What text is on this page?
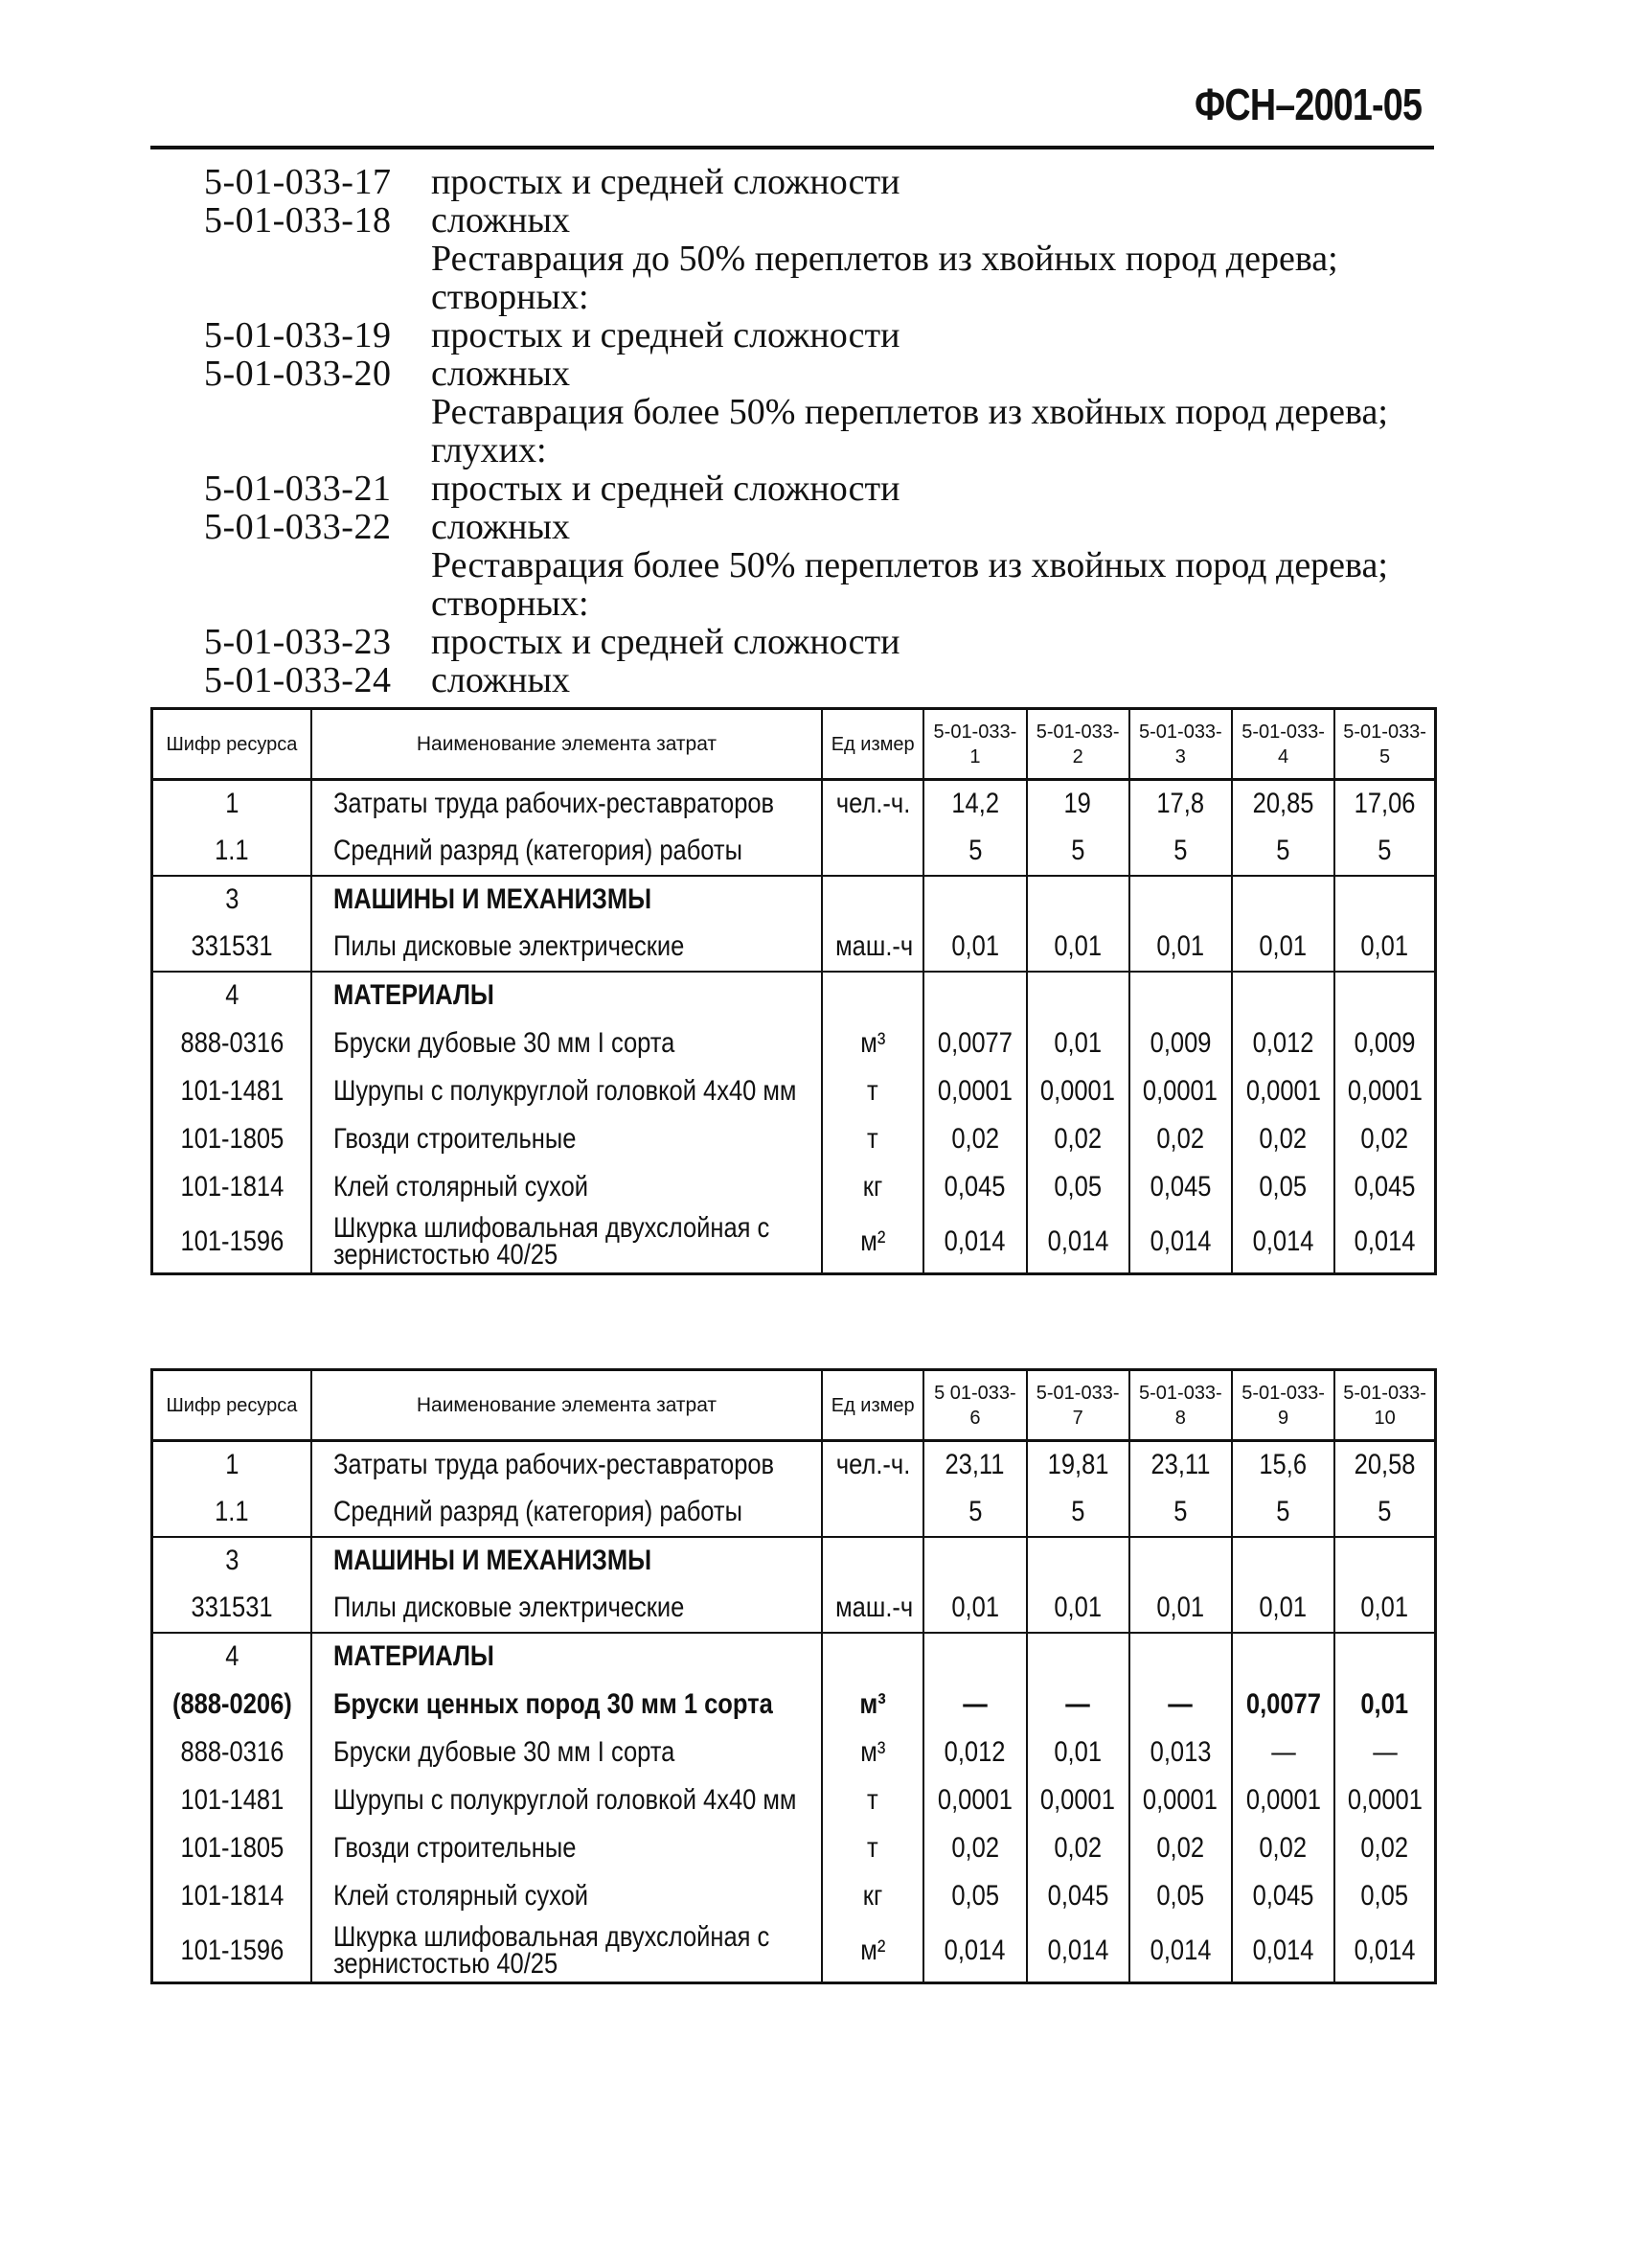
ФСН–2001-05
5-01-033-17	простых и средней сложности
5-01-033-18	сложных
Реставрация до 50% переплетов из хвойных пород дерева;
створных:
5-01-033-19	простых и средней сложности
5-01-033-20	сложных
Реставрация более 50% переплетов из хвойных пород дерева;
глухих:
5-01-033-21	простых и средней сложности
5-01-033-22	сложных
Реставрация более 50% переплетов из хвойных пород дерева;
створных:
5-01-033-23	простых и средней сложности
5-01-033-24	сложных
Шифр ресурса	Наименование элемента затрат	Ед измер	5-01-033-1	5-01-033-2	5-01-033-3	5-01-033-4	5-01-033-5
1	Затраты труда рабочих-реставраторов	чел.-ч.	14,2	19	17,8	20,85	17,06
1.1	Средний разряд (категория) работы		5	5	5	5	5
3	МАШИНЫ И МЕХАНИЗМЫ						
331531	Пилы дисковые электрические	маш.-ч	0,01	0,01	0,01	0,01	0,01
4	МАТЕРИАЛЫ						
888-0316	Бруски дубовые 30 мм I сорта	м³	0,0077	0,01	0,009	0,012	0,009
101-1481	Шурупы с полукруглой головкой 4х40 мм	т	0,0001	0,0001	0,0001	0,0001	0,0001
101-1805	Гвозди строительные	т	0,02	0,02	0,02	0,02	0,02
101-1814	Клей столярный сухой	кг	0,045	0,05	0,045	0,05	0,045
101-1596	Шкурка шлифовальная двухслойная с зернистостью 40/25	м²	0,014	0,014	0,014	0,014	0,014
Шифр ресурса	Наименование элемента затрат	Ед измер	5 01-033-6	5-01-033-7	5-01-033-8	5-01-033-9	5-01-033-10
1	Затраты труда рабочих-реставраторов	чел.-ч.	23,11	19,81	23,11	15,6	20,58
1.1	Средний разряд (категория) работы		5	5	5	5	5
3	МАШИНЫ И МЕХАНИЗМЫ						
331531	Пилы дисковые электрические	маш.-ч	0,01	0,01	0,01	0,01	0,01
4	МАТЕРИАЛЫ						
(888-0206)	Бруски ценных пород 30 мм 1 сорта	м³	—	—	—	0,0077	0,01
888-0316	Бруски дубовые 30 мм I сорта	м³	0,012	0,01	0,013	—	—
101-1481	Шурупы с полукруглой головкой 4х40 мм	т	0,0001	0,0001	0,0001	0,0001	0,0001
101-1805	Гвозди строительные	т	0,02	0,02	0,02	0,02	0,02
101-1814	Клей столярный сухой	кг	0,05	0,045	0,05	0,045	0,05
101-1596	Шкурка шлифовальная двухслойная с зернистостью 40/25	м²	0,014	0,014	0,014	0,014	0,014
